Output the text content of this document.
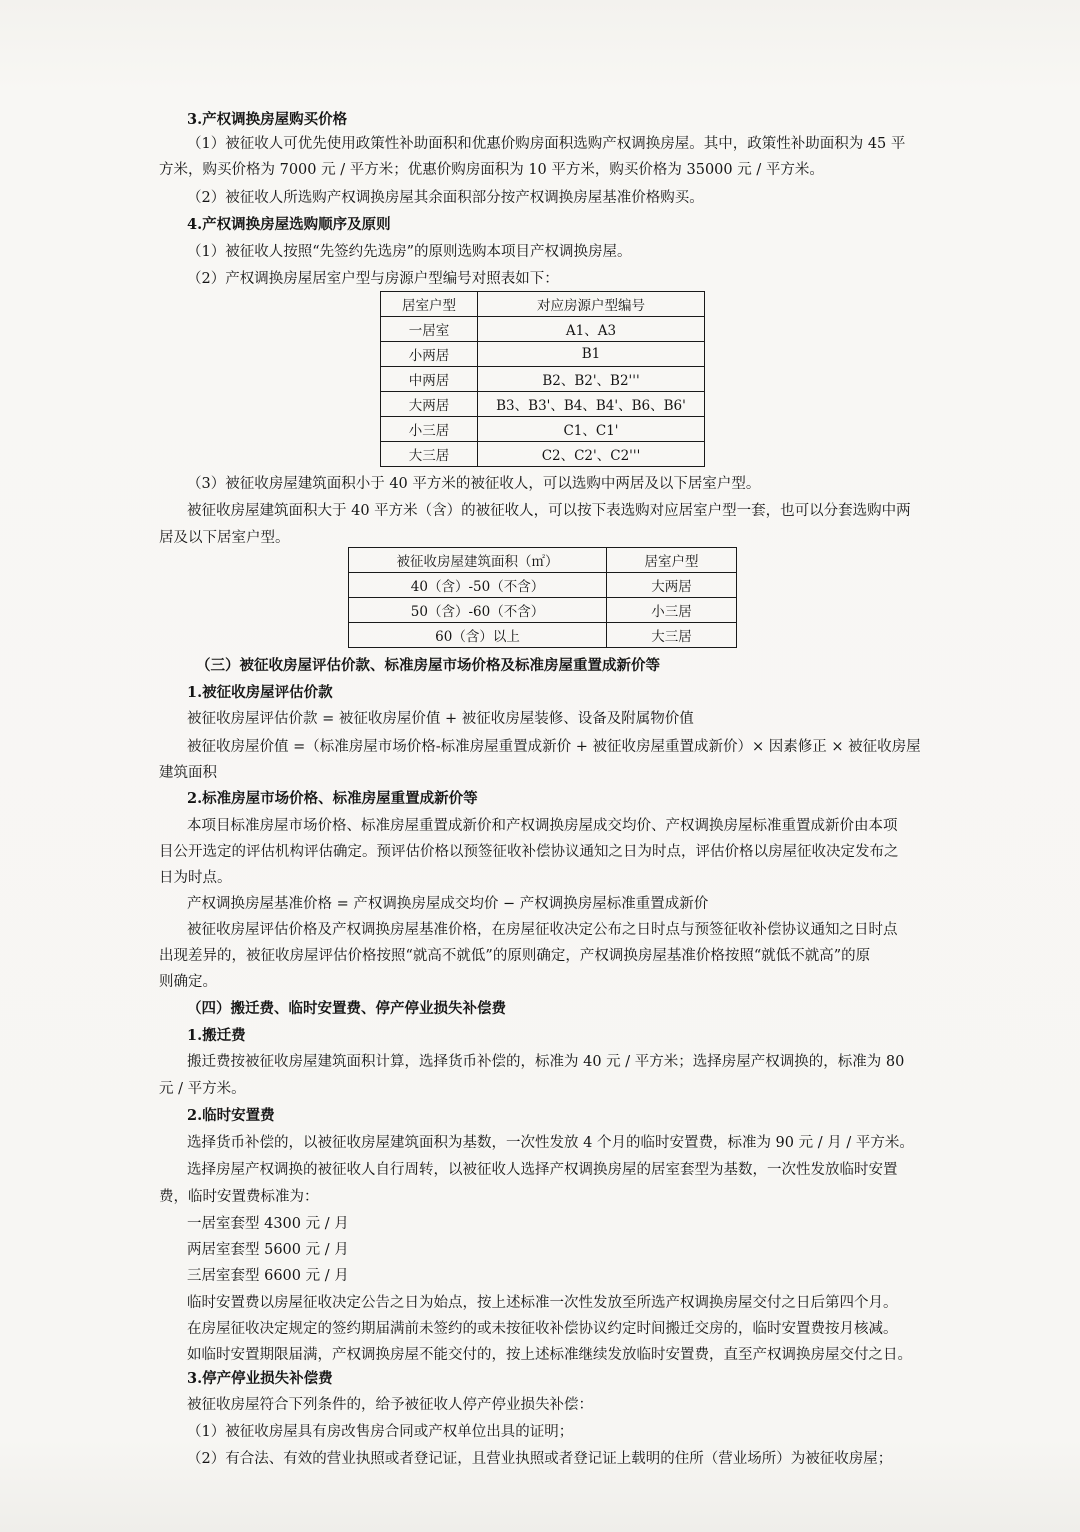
3.产权调换房屋购买价格
（1）被征收人可优先使用政策性补助面积和优惠价购房面积选购产权调换房屋。其中，政策性补助面积为 45 平
方米，购买价格为 7000 元 / 平方米；优惠价购房面积为 10 平方米，购买价格为 35000 元 / 平方米。
（2）被征收人所选购产权调换房屋其余面积部分按产权调换房屋基准价格购买。
4.产权调换房屋选购顺序及原则
（1）被征收人按照“先签约先选房”的原则选购本项目产权调换房屋。
（2）产权调换房屋居室户型与房源户型编号对照表如下：
居室户型	对应房源户型编号
一居室	A1、A3
小两居	B1
中两居	B2、B2'、B2'''
大两居	B3、B3'、B4、B4'、B6、B6'
小三居	C1、C1'
大三居	C2、C2'、C2'''
（3）被征收房屋建筑面积小于 40 平方米的被征收人，可以选购中两居及以下居室户型。
被征收房屋建筑面积大于 40 平方米（含）的被征收人，可以按下表选购对应居室户型一套，也可以分套选购中两
居及以下居室户型。
被征收房屋建筑面积（㎡）	居室户型
40（含）-50（不含）	大两居
50（含）-60（不含）	小三居
60（含）以上	大三居
（三）被征收房屋评估价款、标准房屋市场价格及标准房屋重置成新价等
1.被征收房屋评估价款
被征收房屋评估价款 = 被征收房屋价值 + 被征收房屋装修、设备及附属物价值
被征收房屋价值 =（标准房屋市场价格-标准房屋重置成新价 + 被征收房屋重置成新价）× 因素修正 × 被征收房屋
建筑面积
2.标准房屋市场价格、标准房屋重置成新价等
本项目标准房屋市场价格、标准房屋重置成新价和产权调换房屋成交均价、产权调换房屋标准重置成新价由本项
目公开选定的评估机构评估确定。预评估价格以预签征收补偿协议通知之日为时点，评估价格以房屋征收决定发布之
日为时点。
产权调换房屋基准价格 = 产权调换房屋成交均价 − 产权调换房屋标准重置成新价
被征收房屋评估价格及产权调换房屋基准价格，在房屋征收决定公布之日时点与预签征收补偿协议通知之日时点
出现差异的，被征收房屋评估价格按照“就高不就低”的原则确定，产权调换房屋基准价格按照“就低不就高”的原
则确定。
（四）搬迁费、临时安置费、停产停业损失补偿费
1.搬迁费
搬迁费按被征收房屋建筑面积计算，选择货币补偿的，标准为 40 元 / 平方米；选择房屋产权调换的，标准为 80
元 / 平方米。
2.临时安置费
选择货币补偿的，以被征收房屋建筑面积为基数，一次性发放 4 个月的临时安置费，标准为 90 元 / 月 / 平方米。
选择房屋产权调换的被征收人自行周转，以被征收人选择产权调换房屋的居室套型为基数，一次性发放临时安置
费，临时安置费标准为：
一居室套型 4300 元 / 月
两居室套型 5600 元 / 月
三居室套型 6600 元 / 月
临时安置费以房屋征收决定公告之日为始点，按上述标准一次性发放至所选产权调换房屋交付之日后第四个月。
在房屋征收决定规定的签约期届满前未签约的或未按征收补偿协议约定时间搬迁交房的，临时安置费按月核减。
如临时安置期限届满，产权调换房屋不能交付的，按上述标准继续发放临时安置费，直至产权调换房屋交付之日。
3.停产停业损失补偿费
被征收房屋符合下列条件的，给予被征收人停产停业损失补偿：
（1）被征收房屋具有房改售房合同或产权单位出具的证明；
（2）有合法、有效的营业执照或者登记证，且营业执照或者登记证上载明的住所（营业场所）为被征收房屋；
